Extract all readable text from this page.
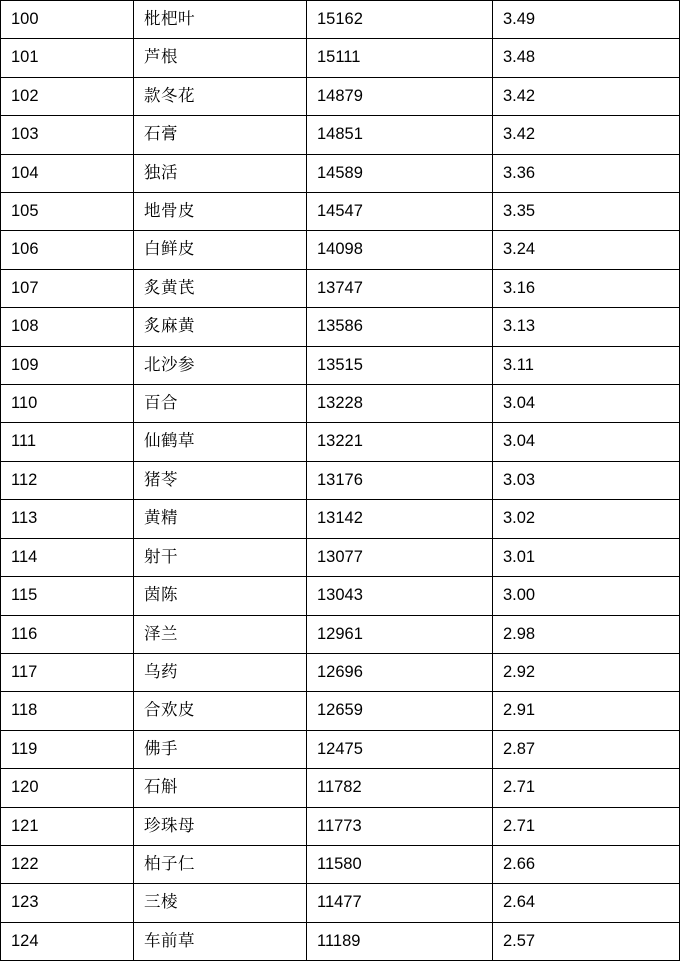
100	枇杷叶	15162	3.49
101	芦根	15111	3.48
102	款冬花	14879	3.42
103	石膏	14851	3.42
104	独活	14589	3.36
105	地骨皮	14547	3.35
106	白鲜皮	14098	3.24
107	炙黄芪	13747	3.16
108	炙麻黄	13586	3.13
109	北沙参	13515	3.11
110	百合	13228	3.04
111	仙鹤草	13221	3.04
112	猪苓	13176	3.03
113	黄精	13142	3.02
114	射干	13077	3.01
115	茵陈	13043	3.00
116	泽兰	12961	2.98
117	乌药	12696	2.92
118	合欢皮	12659	2.91
119	佛手	12475	2.87
120	石斛	11782	2.71
121	珍珠母	11773	2.71
122	柏子仁	11580	2.66
123	三棱	11477	2.64
124	车前草	11189	2.57
